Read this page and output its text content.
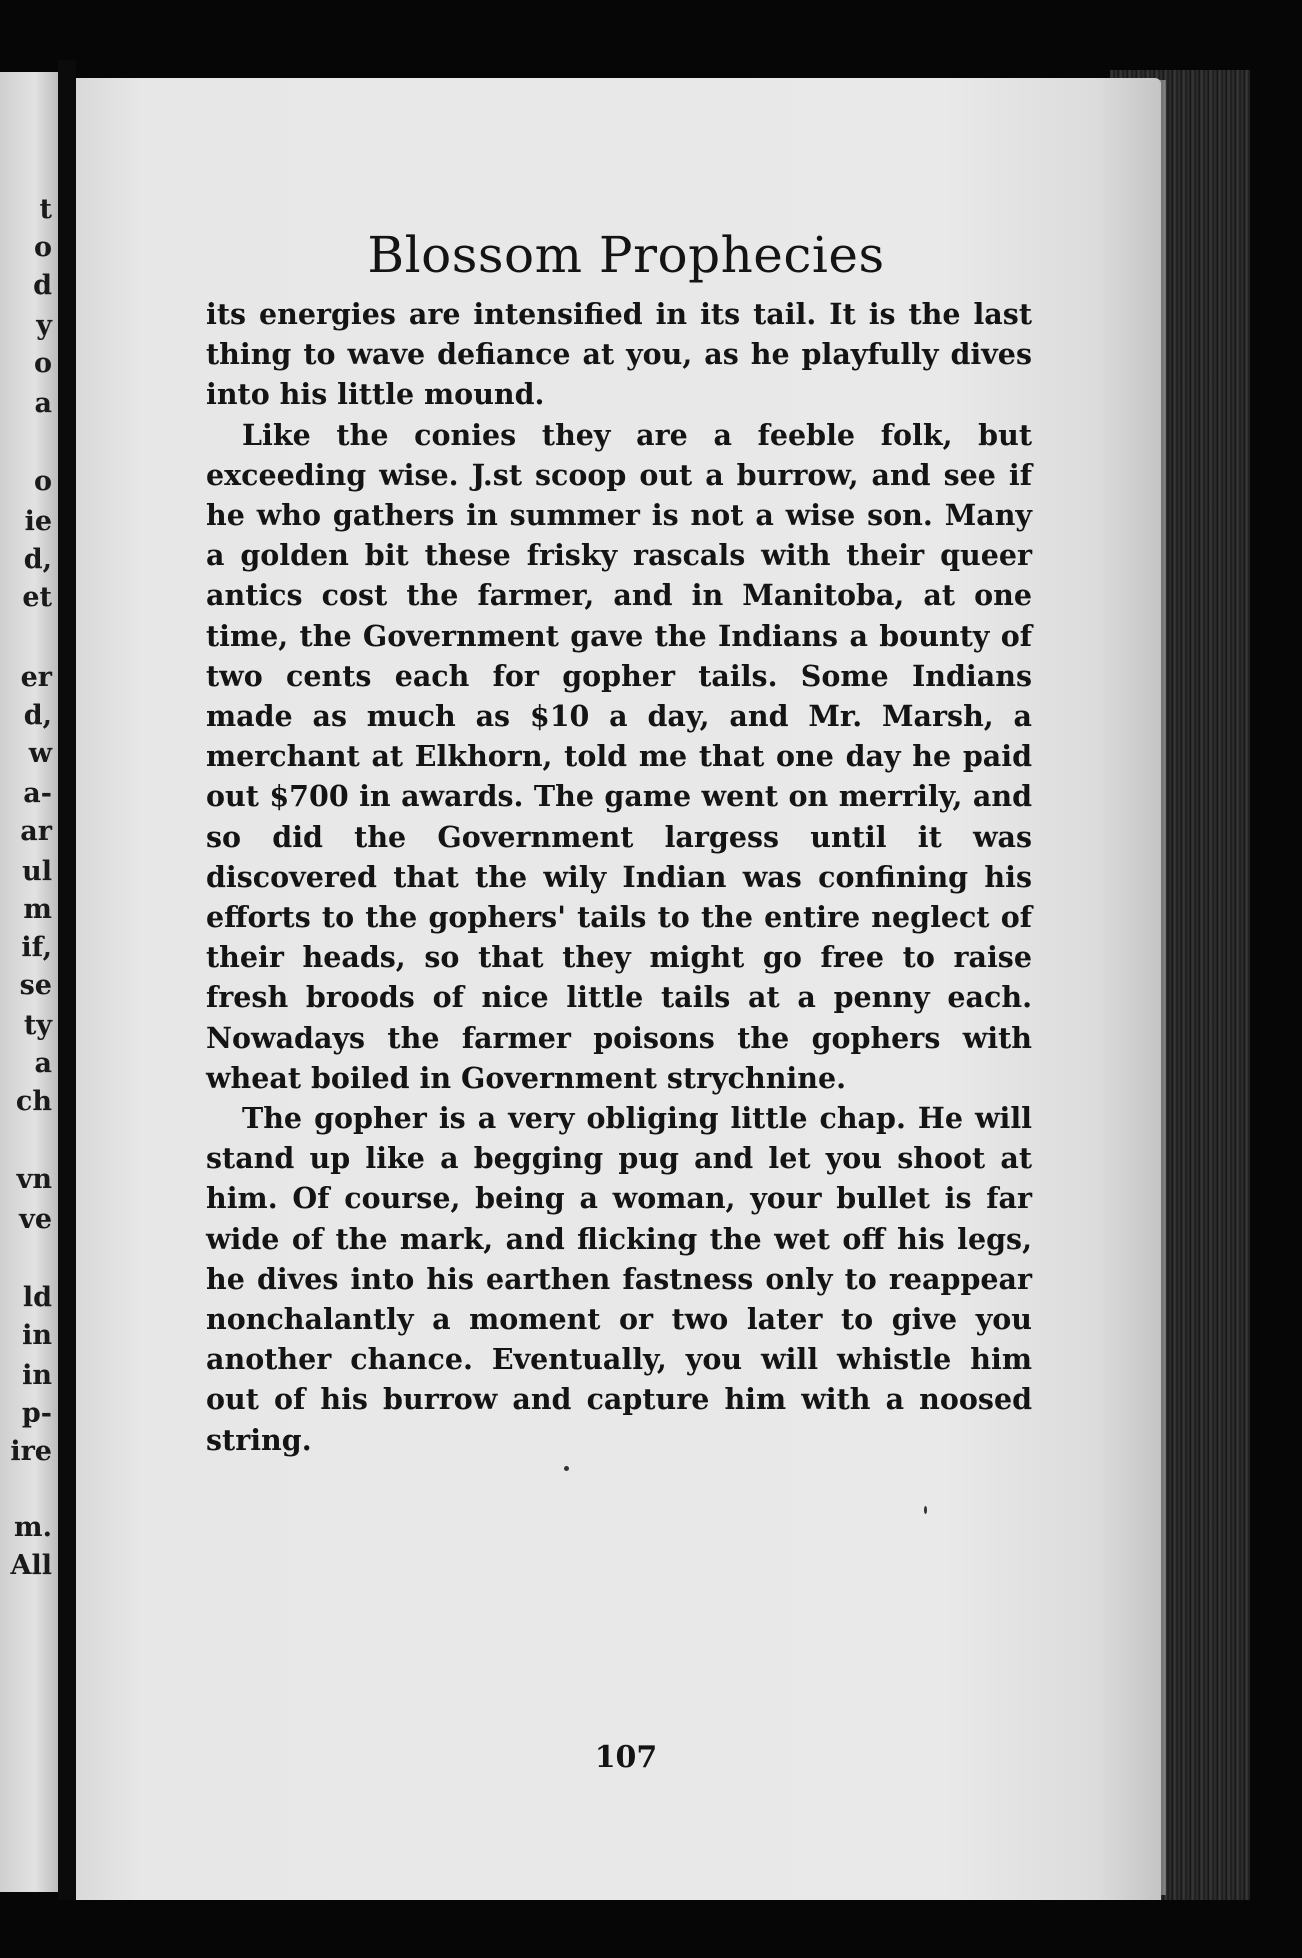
t
o
d
y
o
a
o
ie
d,
et
er
d,
w
a-
ar
ul
m
if,
se
ty
a
ch
vn
ve
ld
in
in
p-
ire
m.
All
Blossom Prophecies

its energies are intensified in its tail. It is the last thing to wave defiance at you, as he playfully dives into his little mound.

Like the conies they are a feeble folk, but exceeding wise. J.st scoop out a burrow, and see if he who gathers in summer is not a wise son. Many a golden bit these frisky rascals with their queer antics cost the farmer, and in Manitoba, at one time, the Government gave the Indians a bounty of two cents each for gopher tails. Some Indians made as much as $10 a day, and Mr. Marsh, a merchant at Elkhorn, told me that one day he paid out $700 in awards. The game went on merrily, and so did the Government largess until it was discovered that the wily Indian was confining his efforts to the gophers' tails to the entire neglect of their heads, so that they might go free to raise fresh broods of nice little tails at a penny each. Nowadays the farmer poisons the gophers with wheat boiled in Government strychnine.

The gopher is a very obliging little chap. He will stand up like a begging pug and let you shoot at him. Of course, being a woman, your bullet is far wide of the mark, and flicking the wet off his legs, he dives into his earthen fastness only to reappear nonchalantly a moment or two later to give you another chance. Eventually, you will whistle him out of his burrow and capture him with a noosed string.

107
